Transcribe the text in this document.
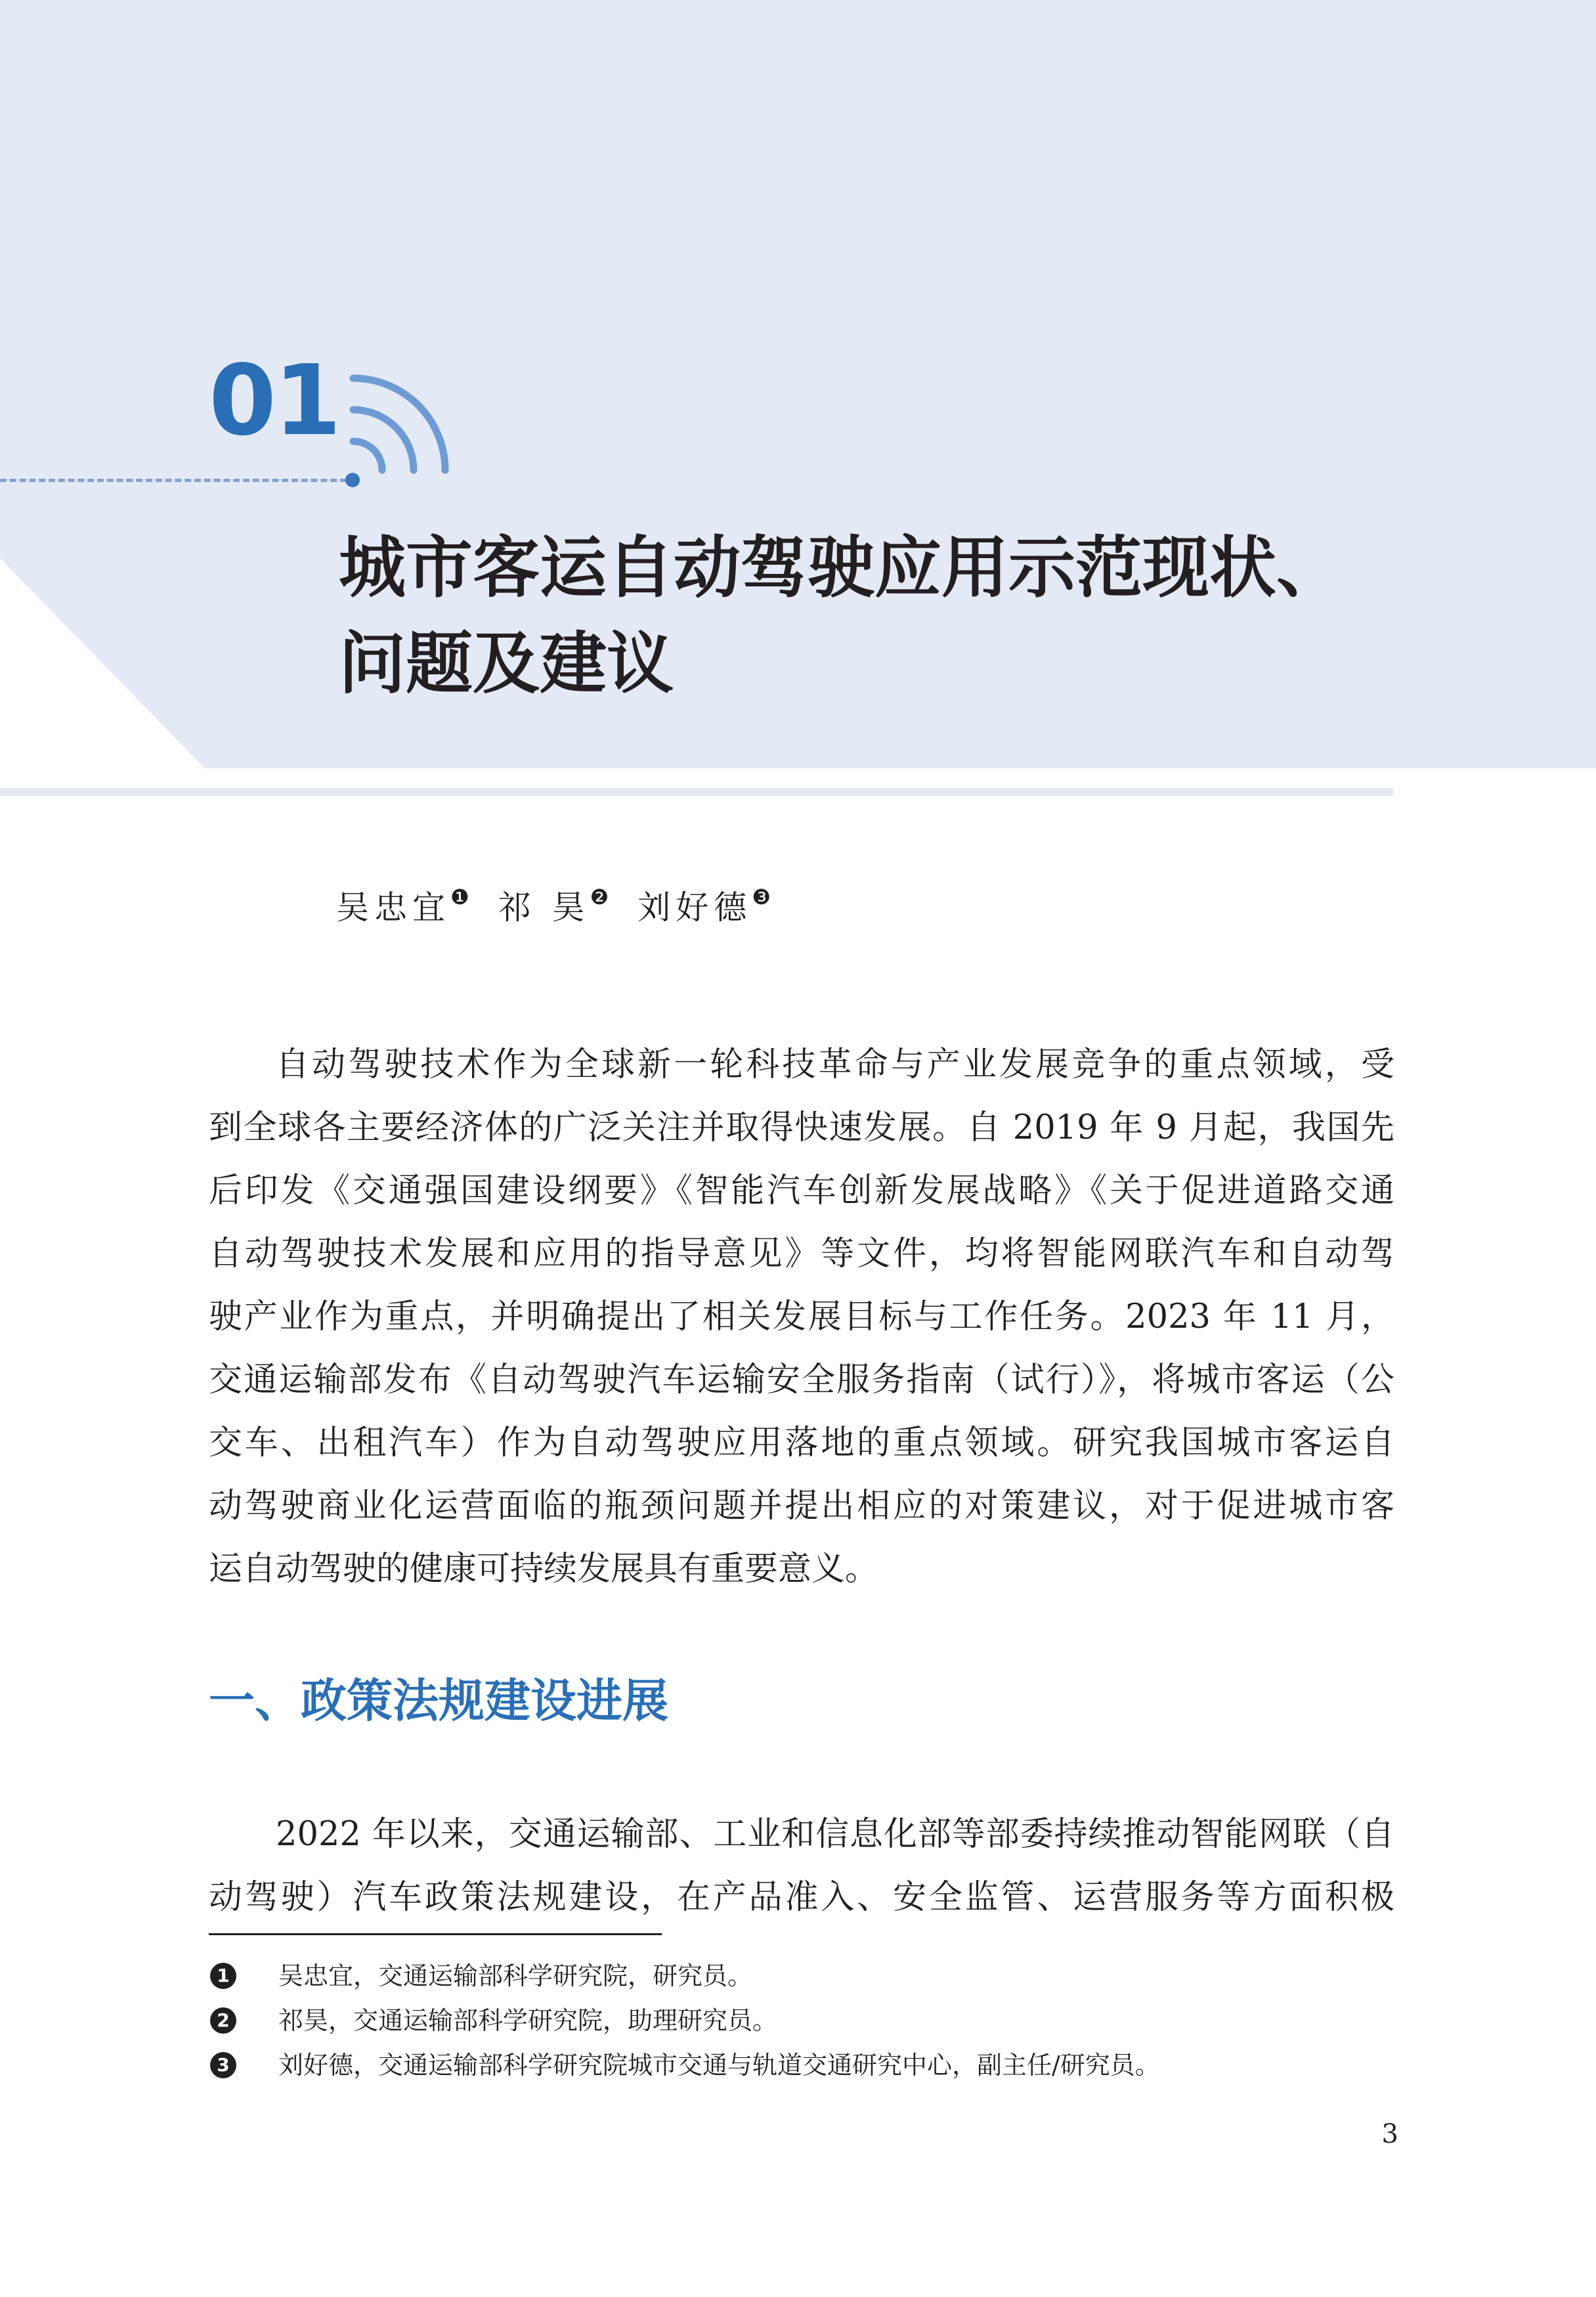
01
城市客运自动驾驶应用示范现状、
问题及建议
吴忠宜$^❶$ 祁 昊$^❷$ 刘好德$^❸$
自动驾驶技术作为全球新一轮科技革命与产业发展竞争的重点领域，受
到全球各主要经济体的广泛关注并取得快速发展。自 2019 年 9 月起，我国先
后印发《交通强国建设纲要》《智能汽车创新发展战略》《关于促进道路交通
自动驾驶技术发展和应用的指导意见》等文件，均将智能网联汽车和自动驾
驶产业作为重点，并明确提出了相关发展目标与工作任务。2023 年 11 月，
交通运输部发布《自动驾驶汽车运输安全服务指南（试行）》，将城市客运（公
交车、出租汽车）作为自动驾驶应用落地的重点领域。研究我国城市客运自
动驾驶商业化运营面临的瓶颈问题并提出相应的对策建议，对于促进城市客
运自动驾驶的健康可持续发展具有重要意义。
一、政策法规建设进展
2022 年以来，交通运输部、工业和信息化部等部委持续推动智能网联（自
动驾驶）汽车政策法规建设，在产品准入、安全监管、运营服务等方面积极
1 吴忠宜，交通运输部科学研究院，研究员。
2 祁昊，交通运输部科学研究院，助理研究员。
3 刘好德，交通运输部科学研究院城市交通与轨道交通研究中心，副主任/研究员。
3
